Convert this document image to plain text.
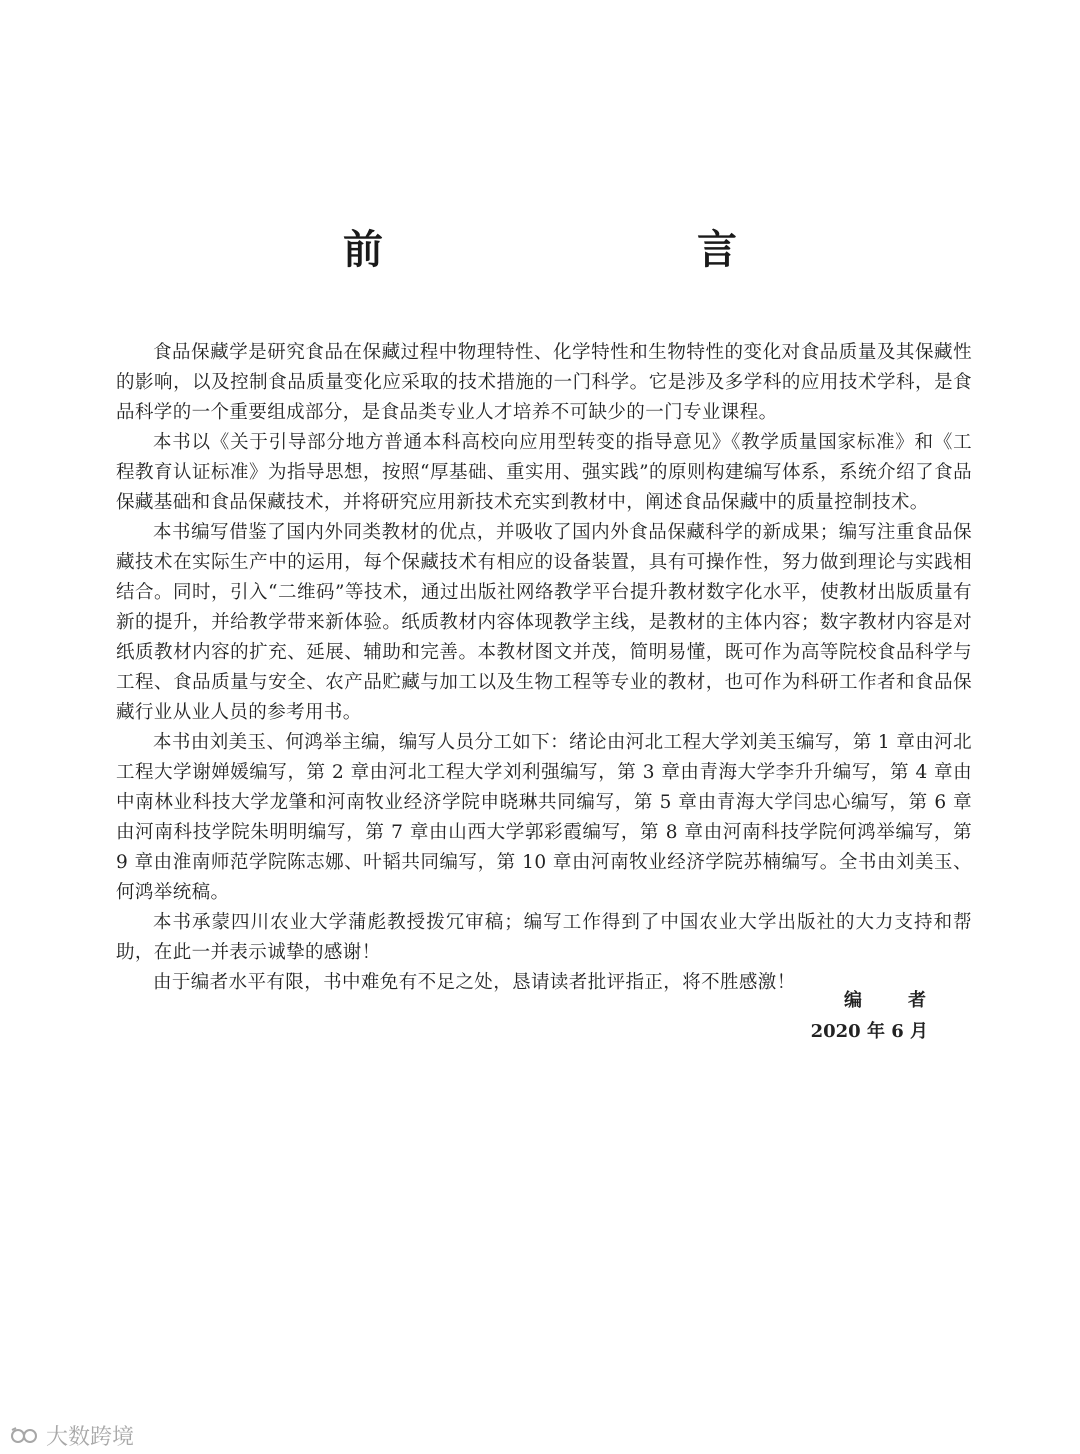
前　　言

食品保藏学是研究食品在保藏过程中物理特性、化学特性和生物特性的变化对食品质量及其保藏性的影响，以及控制食品质量变化应采取的技术措施的一门科学。它是涉及多学科的应用技术学科，是食品科学的一个重要组成部分，是食品类专业人才培养不可缺少的一门专业课程。

本书以《关于引导部分地方普通本科高校向应用型转变的指导意见》《教学质量国家标准》和《工程教育认证标准》为指导思想，按照“厚基础、重实用、强实践”的原则构建编写体系，系统介绍了食品保藏基础和食品保藏技术，并将研究应用新技术充实到教材中，阐述食品保藏中的质量控制技术。

本书编写借鉴了国内外同类教材的优点，并吸收了国内外食品保藏科学的新成果；编写注重食品保藏技术在实际生产中的运用，每个保藏技术有相应的设备装置，具有可操作性，努力做到理论与实践相结合。同时，引入“二维码”等技术，通过出版社网络教学平台提升教材数字化水平，使教材出版质量有新的提升，并给教学带来新体验。纸质教材内容体现教学主线，是教材的主体内容；数字教材内容是对纸质教材内容的扩充、延展、辅助和完善。本教材图文并茂，简明易懂，既可作为高等院校食品科学与工程、食品质量与安全、农产品贮藏与加工以及生物工程等专业的教材，也可作为科研工作者和食品保藏行业从业人员的参考用书。

本书由刘美玉、何鸿举主编，编写人员分工如下：绪论由河北工程大学刘美玉编写，第 1 章由河北工程大学谢婵媛编写，第 2 章由河北工程大学刘利强编写，第 3 章由青海大学李升升编写，第 4 章由中南林业科技大学龙肇和河南牧业经济学院申晓琳共同编写，第 5 章由青海大学闫忠心编写，第 6 章由河南科技学院朱明明编写，第 7 章由山西大学郭彩霞编写，第 8 章由河南科技学院何鸿举编写，第 9 章由淮南师范学院陈志娜、叶韬共同编写，第 10 章由河南牧业经济学院苏楠编写。全书由刘美玉、何鸿举统稿。

本书承蒙四川农业大学蒲彪教授拨冗审稿；编写工作得到了中国农业大学出版社的大力支持和帮助，在此一并表示诚挚的感谢！

由于编者水平有限，书中难免有不足之处，恳请读者批评指正，将不胜感激！

编　者
2020 年 6 月
大数跨境
